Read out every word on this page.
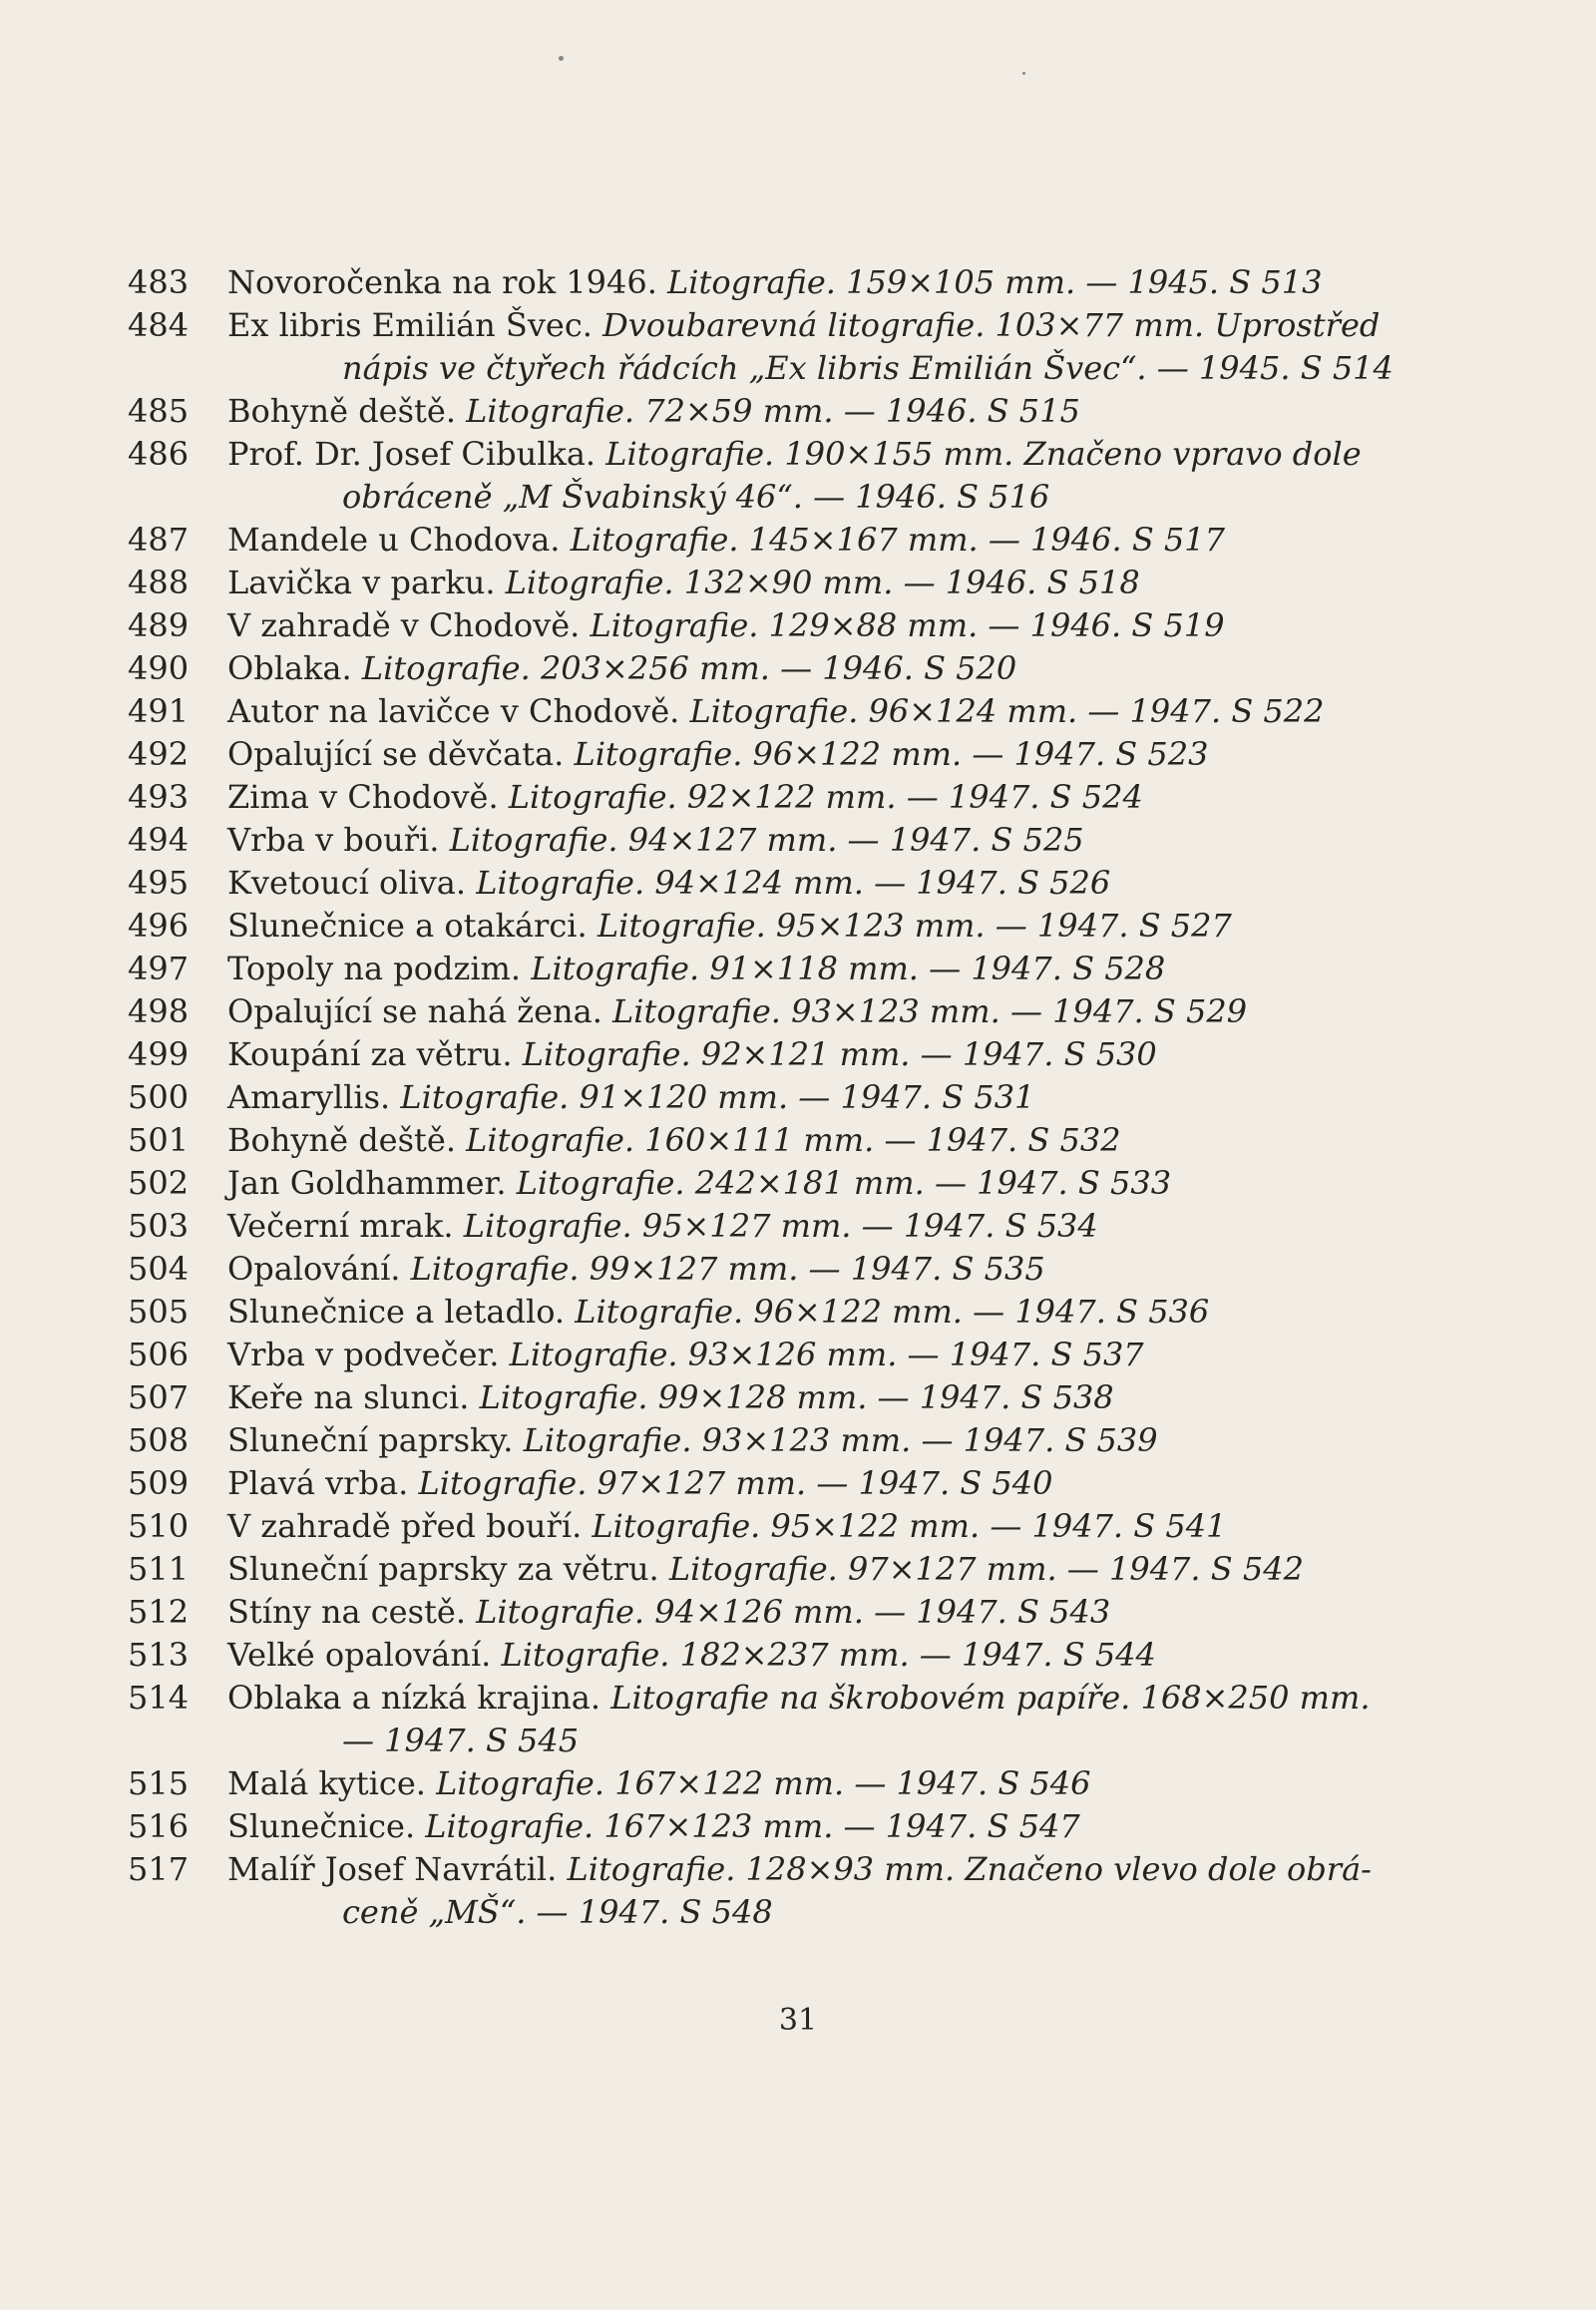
483	Novoročenka na rok 1946. Litografie. 159×105 mm. — 1945. S 513
484	Ex libris Emilián Švec. Dvoubarevná litografie. 103×77 mm. Uprostřed
nápis ve čtyřech řádcích „Ex libris Emilián Švec“. — 1945. S 514
485	Bohyně deště. Litografie. 72×59 mm. — 1946. S 515
486	Prof. Dr. Josef Cibulka. Litografie. 190×155 mm. Značeno vpravo dole
obráceně „M Švabinský 46“. — 1946. S 516
487	Mandele u Chodova. Litografie. 145×167 mm. — 1946. S 517
488	Lavička v parku. Litografie. 132×90 mm. — 1946. S 518
489	V zahradě v Chodově. Litografie. 129×88 mm. — 1946. S 519
490	Oblaka. Litografie. 203×256 mm. — 1946. S 520
491	Autor na lavičce v Chodově. Litografie. 96×124 mm. — 1947. S 522
492	Opalující se děvčata. Litografie. 96×122 mm. — 1947. S 523
493	Zima v Chodově. Litografie. 92×122 mm. — 1947. S 524
494	Vrba v bouři. Litografie. 94×127 mm. — 1947. S 525
495	Kvetoucí oliva. Litografie. 94×124 mm. — 1947. S 526
496	Slunečnice a otakárci. Litografie. 95×123 mm. — 1947. S 527
497	Topoly na podzim. Litografie. 91×118 mm. — 1947. S 528
498	Opalující se nahá žena. Litografie. 93×123 mm. — 1947. S 529
499	Koupání za větru. Litografie. 92×121 mm. — 1947. S 530
500	Amaryllis. Litografie. 91×120 mm. — 1947. S 531
501	Bohyně deště. Litografie. 160×111 mm. — 1947. S 532
502	Jan Goldhammer. Litografie. 242×181 mm. — 1947. S 533
503	Večerní mrak. Litografie. 95×127 mm. — 1947. S 534
504	Opalování. Litografie. 99×127 mm. — 1947. S 535
505	Slunečnice a letadlo. Litografie. 96×122 mm. — 1947. S 536
506	Vrba v podvečer. Litografie. 93×126 mm. — 1947. S 537
507	Keře na slunci. Litografie. 99×128 mm. — 1947. S 538
508	Sluneční paprsky. Litografie. 93×123 mm. — 1947. S 539
509	Plavá vrba. Litografie. 97×127 mm. — 1947. S 540
510	V zahradě před bouří. Litografie. 95×122 mm. — 1947. S 541
511	Sluneční paprsky za větru. Litografie. 97×127 mm. — 1947. S 542
512	Stíny na cestě. Litografie. 94×126 mm. — 1947. S 543
513	Velké opalování. Litografie. 182×237 mm. — 1947. S 544
514	Oblaka a nízká krajina. Litografie na škrobovém papíře. 168×250 mm.
— 1947. S 545
515	Malá kytice. Litografie. 167×122 mm. — 1947. S 546
516	Slunečnice. Litografie. 167×123 mm. — 1947. S 547
517	Malíř Josef Navrátil. Litografie. 128×93 mm. Značeno vlevo dole obrá-
ceně „MŠ“. — 1947. S 548
31
